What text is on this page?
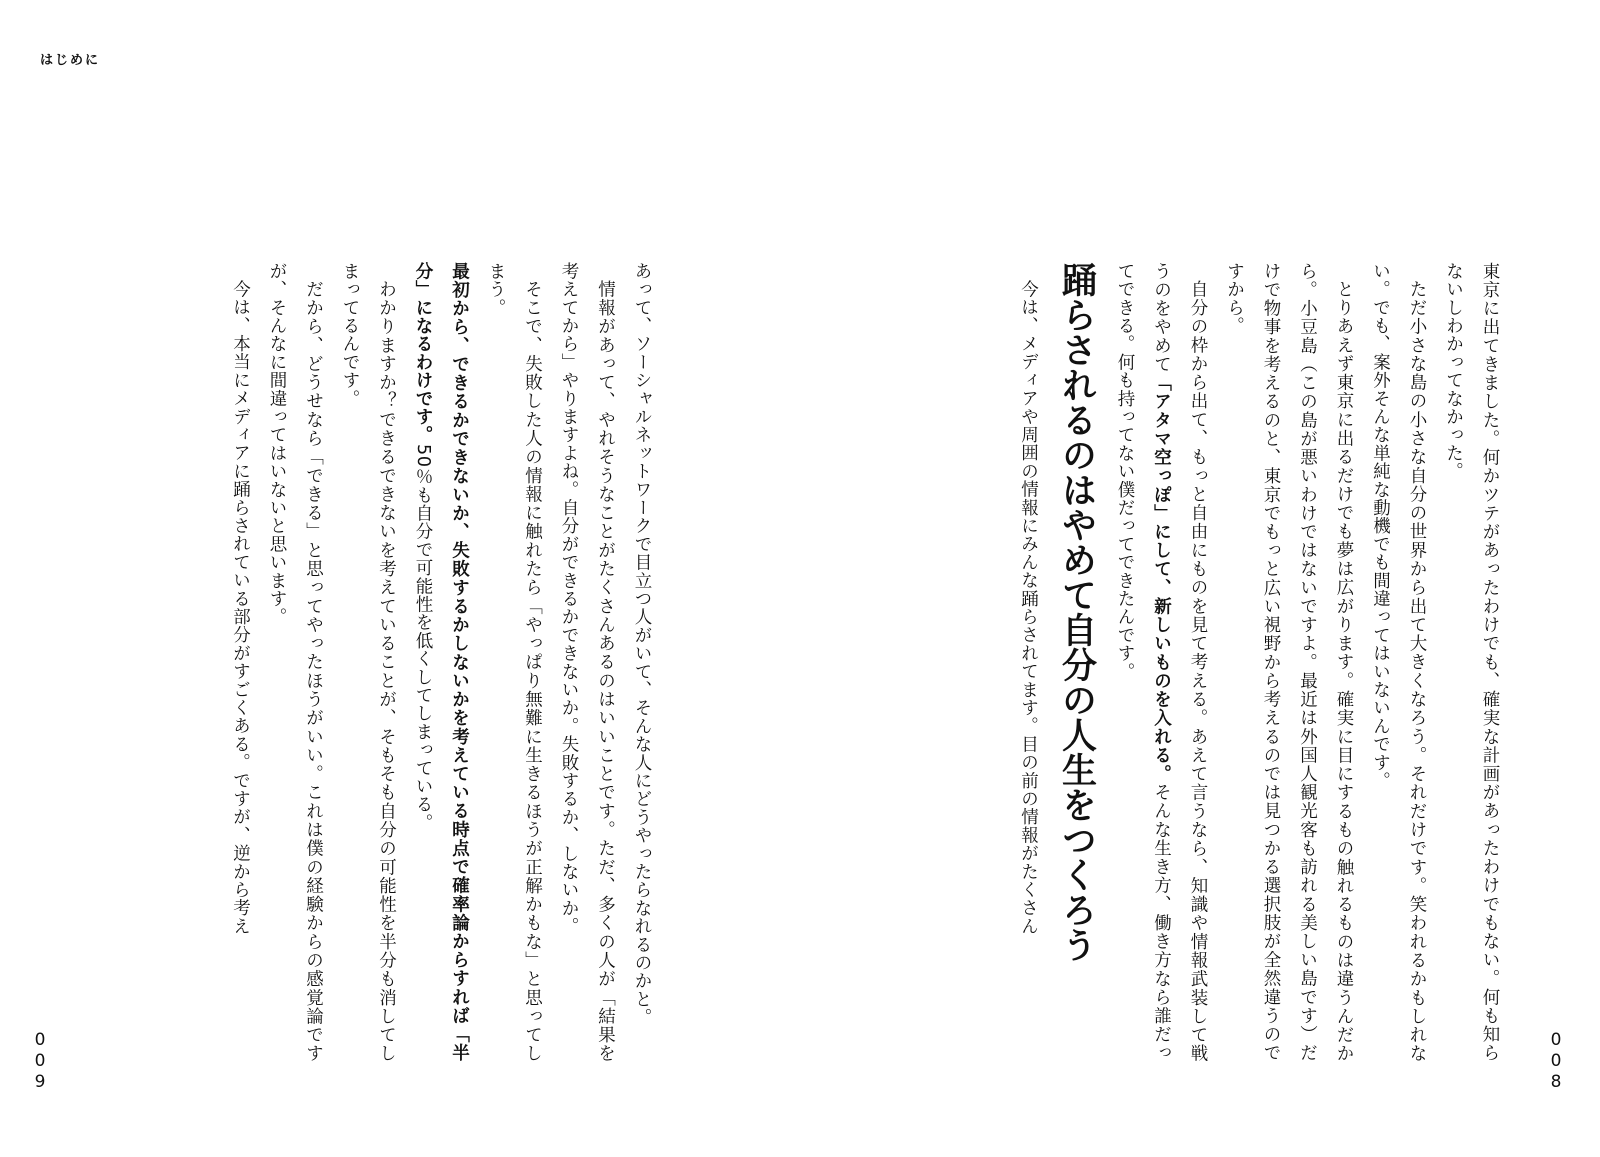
はじめに

東京に出てきました。何かツテがあったわけでも、確実な計画があったわけでもない。何も知らないしわかってなかった。

ただ小さな島の小さな自分の世界から出て大きくなろう。それだけです。笑われるかもしれない。でも、案外そんな単純な動機でも間違ってはいないんです。

とりあえず東京に出るだけでも夢は広がります。確実に目にするもの触れるものは違うんだから。小豆島（この島が悪いわけではないですよ。最近は外国人観光客も訪れる美しい島です）だけで物事を考えるのと、東京でもっと広い視野から考えるのでは見つかる選択肢が全然違うのですから。

自分の枠から出て、もっと自由にものを見て考える。あえて言うなら、知識や情報武装して戦うのをやめて「アタマ空っぽ」にして、新しいものを入れる。そんな生き方、働き方なら誰だってできる。何も持ってない僕だってできたんです。

踊らされるのはやめて自分の人生をつくろう

今は、メディアや周囲の情報にみんな踊らされてます。目の前の情報がたくさん

あって、ソーシャルネットワークで目立つ人がいて、そんな人にどうやったらなれるのかと。

情報があって、やれそうなことがたくさんあるのはいいことです。ただ、多くの人が「結果を考えてから」やりますよね。自分ができるかできないか。失敗するか、しないか。

そこで、失敗した人の情報に触れたら「やっぱり無難に生きるほうが正解かもな」と思ってしまう。

最初から、できるかできないか、失敗するかしないかを考えている時点で確率論からすれば「半分」になるわけです。50％も自分で可能性を低くしてしまっている。

わかりますか？できるできないを考えていることが、そもそも自分の可能性を半分も消してしまってるんです。

だから、どうせなら「できる」と思ってやったほうがいい。これは僕の経験からの感覚論ですが、そんなに間違ってはいないと思います。

今は、本当にメディアに踊らされている部分がすごくある。ですが、逆から考え

008
009
